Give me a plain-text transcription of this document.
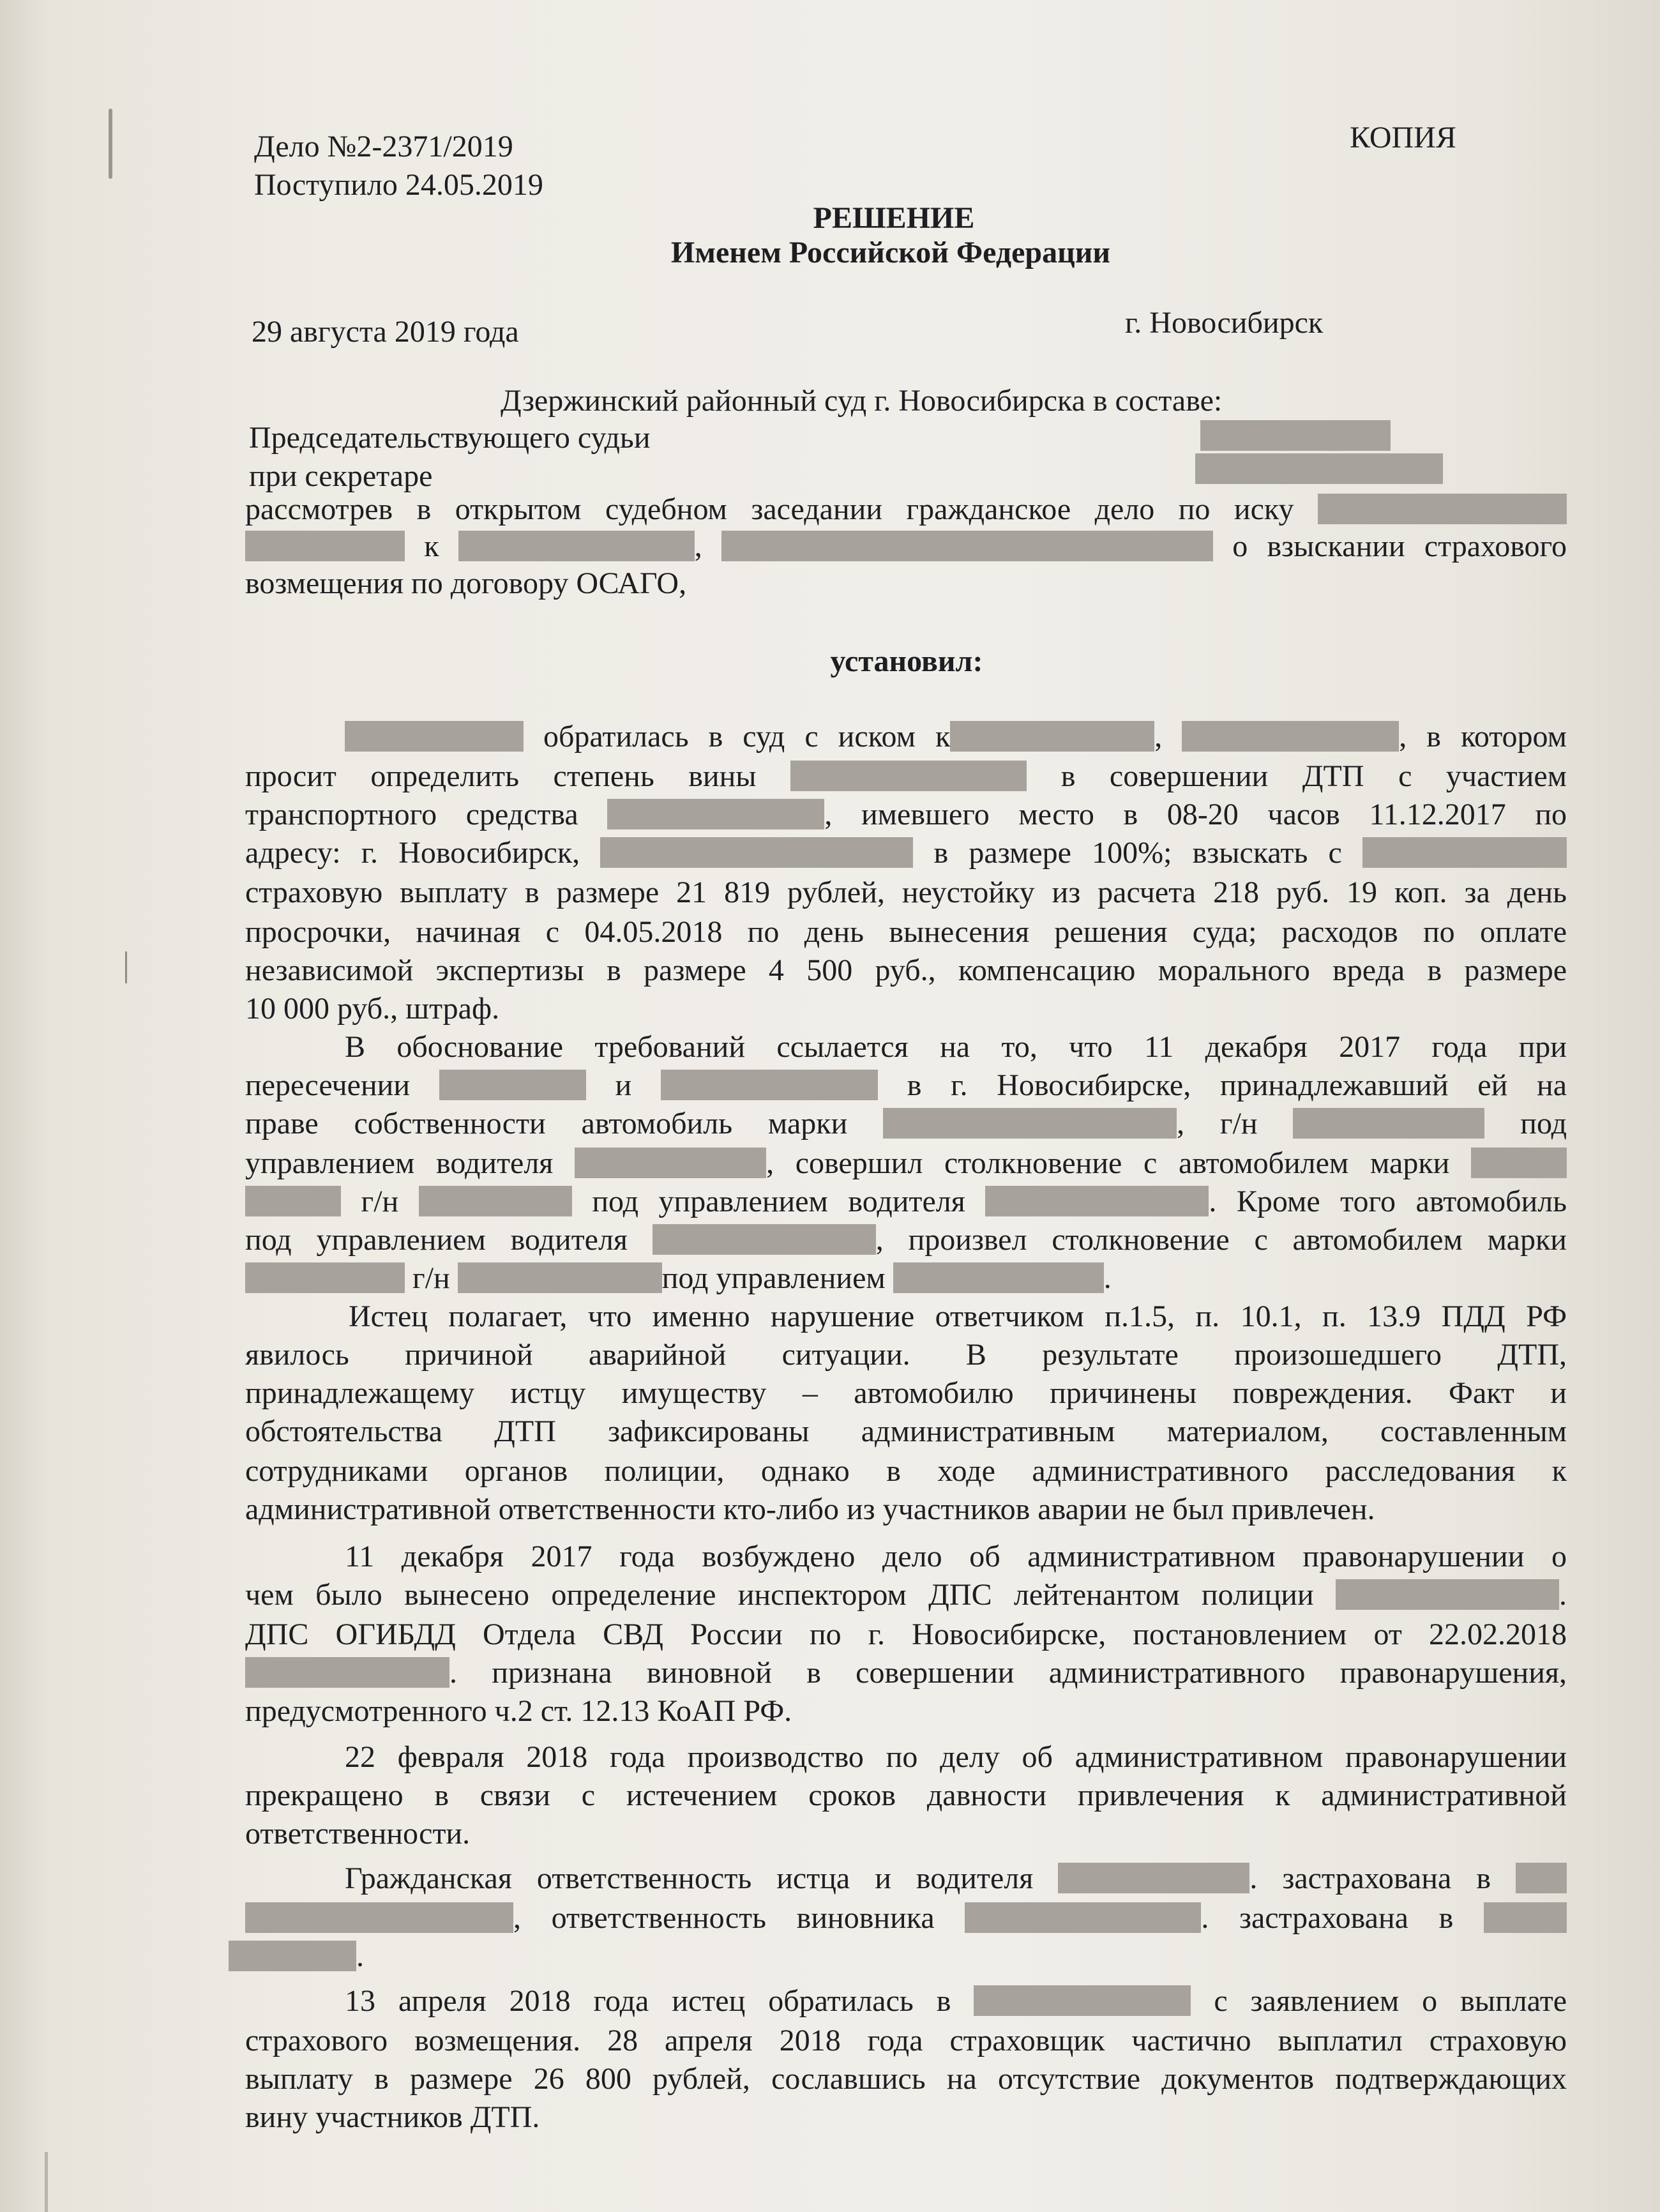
Дело №2-2371/2019
Поступило 24.05.2019
КОПИЯ
РЕШЕНИЕ
Именем Российской Федерации
29 августа 2019 года	г. Новосибирск
Дзержинский районный суд г. Новосибирска в составе:
Председательствующего судьи
при секретаре
рассмотрев в открытом судебном заседании гражданское дело по иску
к	,	о взыскании страхового
возмещения по договору ОСАГО,
установил:
обратилась в суд с иском к	,	, в котором
просит определить степень вины	в совершении ДТП с участием
транспортного средства	, имевшего место в 08-20 часов 11.12.2017 по
адресу: г. Новосибирск,	в размере 100%; взыскать с
страховую выплату в размере 21 819 рублей, неустойку из расчета 218 руб. 19 коп. за день
просрочки, начиная с 04.05.2018 по день вынесения решения суда; расходов по оплате
независимой экспертизы в размере 4 500 руб., компенсацию морального вреда в размере
10 000 руб., штраф.
В обоснование требований ссылается на то, что 11 декабря 2017 года при
пересечении	и	в г. Новосибирске, принадлежавший ей на
праве собственности автомобиль марки	, г/н	под
управлением водителя	, совершил столкновение с автомобилем марки
г/н	под управлением водителя	. Кроме того автомобиль
под управлением водителя	, произвел столкновение с автомобилем марки
г/н	под управлением	.
Истец полагает, что именно нарушение ответчиком п.1.5, п. 10.1, п. 13.9 ПДД РФ
явилось причиной аварийной ситуации. В результате произошедшего ДТП,
принадлежащему истцу имуществу – автомобилю причинены повреждения. Факт и
обстоятельства ДТП зафиксированы административным материалом, составленным
сотрудниками органов полиции, однако в ходе административного расследования к
административной ответственности кто-либо из участников аварии не был привлечен.
11 декабря 2017 года возбуждено дело об административном правонарушении о
чем было вынесено определение инспектором ДПС лейтенантом полиции	.
ДПС ОГИБДД Отдела СВД России по г. Новосибирске, постановлением от 22.02.2018
. признана виновной в совершении административного правонарушения,
предусмотренного ч.2 ст. 12.13 КоАП РФ.
22 февраля 2018 года производство по делу об административном правонарушении
прекращено в связи с истечением сроков давности привлечения к административной
ответственности.
Гражданская ответственность истца и водителя	. застрахована в
, ответственность виновника	. застрахована в
.
13 апреля 2018 года истец обратилась в	с заявлением о выплате
страхового возмещения. 28 апреля 2018 года страховщик частично выплатил страховую
выплату в размере 26 800 рублей, сославшись на отсутствие документов подтверждающих
вину участников ДТП.
